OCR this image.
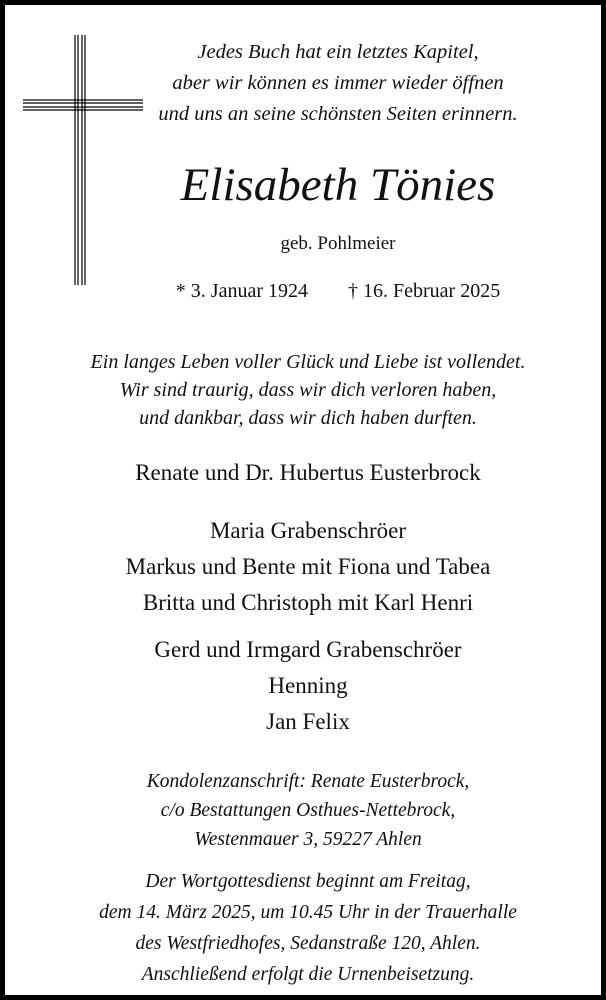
Jedes Buch hat ein letztes Kapitel,
aber wir können es immer wieder öffnen
und uns an seine schönsten Seiten erinnern.
Elisabeth Tönies
geb. Pohlmeier
* 3. Januar 1924 † 16. Februar 2025
Ein langes Leben voller Glück und Liebe ist vollendet.
Wir sind traurig, dass wir dich verloren haben,
und dankbar, dass wir dich haben durften.
Renate und Dr. Hubertus Eusterbrock
Maria Grabenschröer
Markus und Bente mit Fiona und Tabea
Britta und Christoph mit Karl Henri
Gerd und Irmgard Grabenschröer
Henning
Jan Felix
Kondolenzanschrift: Renate Eusterbrock,
c/o Bestattungen Osthues-Nettebrock,
Westenmauer 3, 59227 Ahlen
Der Wortgottesdienst beginnt am Freitag,
dem 14. März 2025, um 10.45 Uhr in der Trauerhalle
des Westfriedhofes, Sedanstraße 120, Ahlen.
Anschließend erfolgt die Urnenbeisetzung.
